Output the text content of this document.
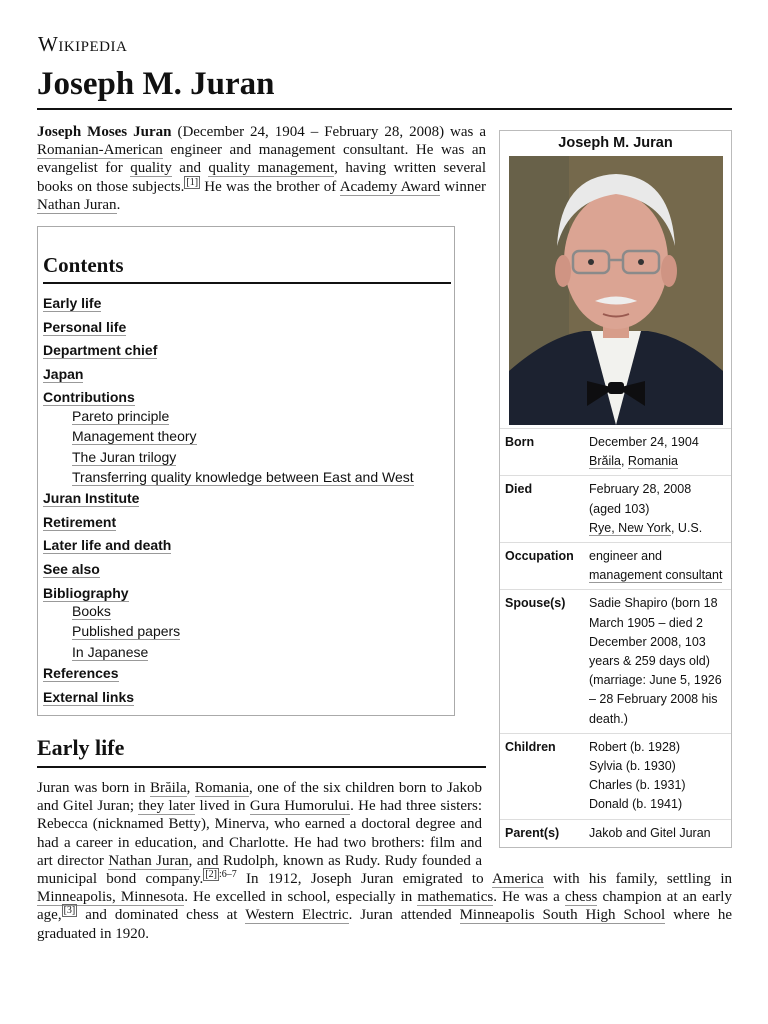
Wikipedia
Joseph M. Juran
Joseph Moses Juran (December 24, 1904 – February 28, 2008) was a Romanian-American engineer and management consultant. He was an evangelist for quality and quality management, having written several books on those subjects. [1] He was the brother of Academy Award winner Nathan Juran.
Contents
Early life
Personal life
Department chief
Japan
Contributions
Pareto principle
Management theory
The Juran trilogy
Transferring quality knowledge between East and West
Juran Institute
Retirement
Later life and death
See also
Bibliography
Books
Published papers
In Japanese
References
External links
Early life
Juran was born in Brăila, Romania, one of the six children born to Jakob and Gitel Juran; they later lived in Gura Humorului. He had three sisters: Rebecca (nicknamed Betty), Minerva, who earned a doctoral degree and had a career in education, and Charlotte. He had two brothers: film and art director Nathan Juran, and Rudolph, known as Rudy. Rudy founded a municipal bond company. [2] $^{:6-7}$ In 1912, Joseph Juran emigrated to America with his family, settling in Minneapolis, Minnesota. He excelled in school, especially in mathematics. He was a chess champion at an early age, [3] and dominated chess at Western Electric. Juran attended Minneapolis South High School where he graduated in 1920.
Joseph M. Juran
Born	December 24, 1904
Brăila, Romania
Died	February 28, 2008
(aged 103)
Rye, New York, U.S.
Occupation	engineer and
management consultant
Spouse(s)	Sadie Shapiro (born 18 March 1905 – died 2 December 2008, 103 years & 259 days old) (marriage: June 5, 1926 – 28 February 2008 his death.)
Children	Robert (b. 1928)
Sylvia (b. 1930)
Charles (b. 1931)
Donald (b. 1941)
Parent(s)	Jakob and Gitel Juran
